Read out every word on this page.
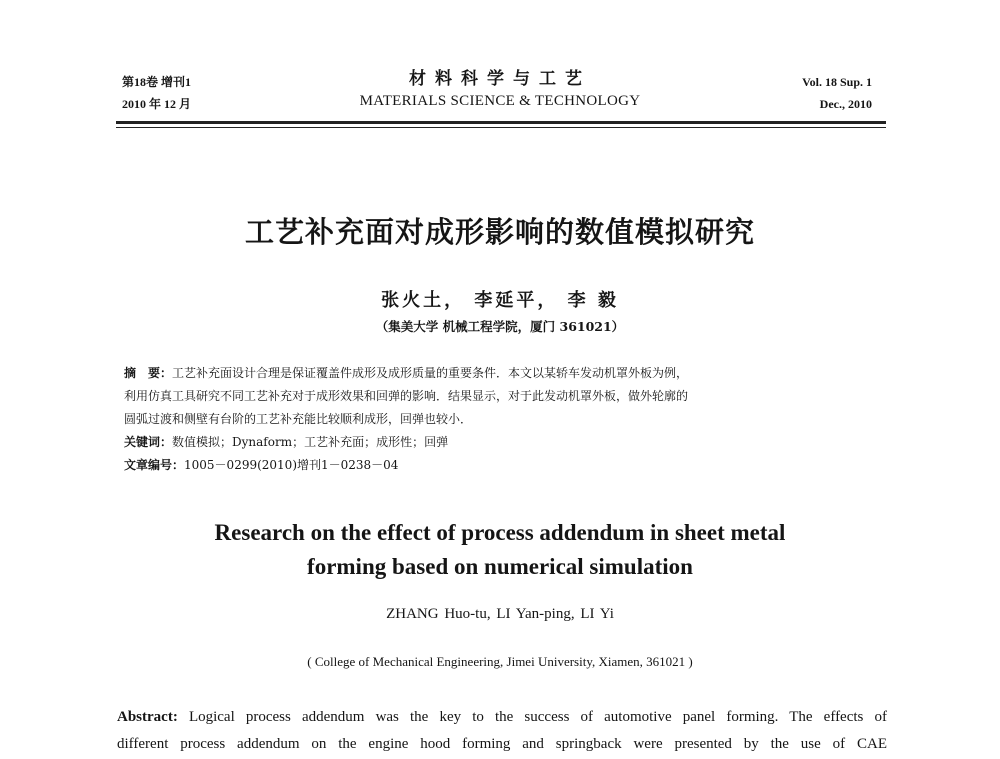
第18卷 增刊1
2010 年 12 月
材料科学与工艺
MATERIALS SCIENCE & TECHNOLOGY
Vol. 18 Sup. 1
Dec., 2010
工艺补充面对成形影响的数值模拟研究
张火土， 李延平， 李 毅
（集美大学 机械工程学院，厦门 361021）
摘　要：工艺补充面设计合理是保证覆盖件成形及成形质量的重要条件．本文以某轿车发动机罩外板为例，
利用仿真工具研究不同工艺补充对于成形效果和回弹的影响．结果显示，对于此发动机罩外板，做外轮廓的
圆弧过渡和侧壁有台阶的工艺补充能比较顺利成形，回弹也较小．
关键词：数值模拟；Dynaform；工艺补充面；成形性；回弹
文章编号：1005－0299(2010)增刊1－0238－04
Research on the effect of process addendum in sheet metal
forming based on numerical simulation
ZHANG Huo-tu, LI Yan-ping, LI Yi
( College of Mechanical Engineering, Jimei University, Xiamen, 361021 )
Abstract: Logical process addendum was the key to the success of automotive panel forming. The effects of
different process addendum on the engine hood forming and springback were presented by the use of CAE
